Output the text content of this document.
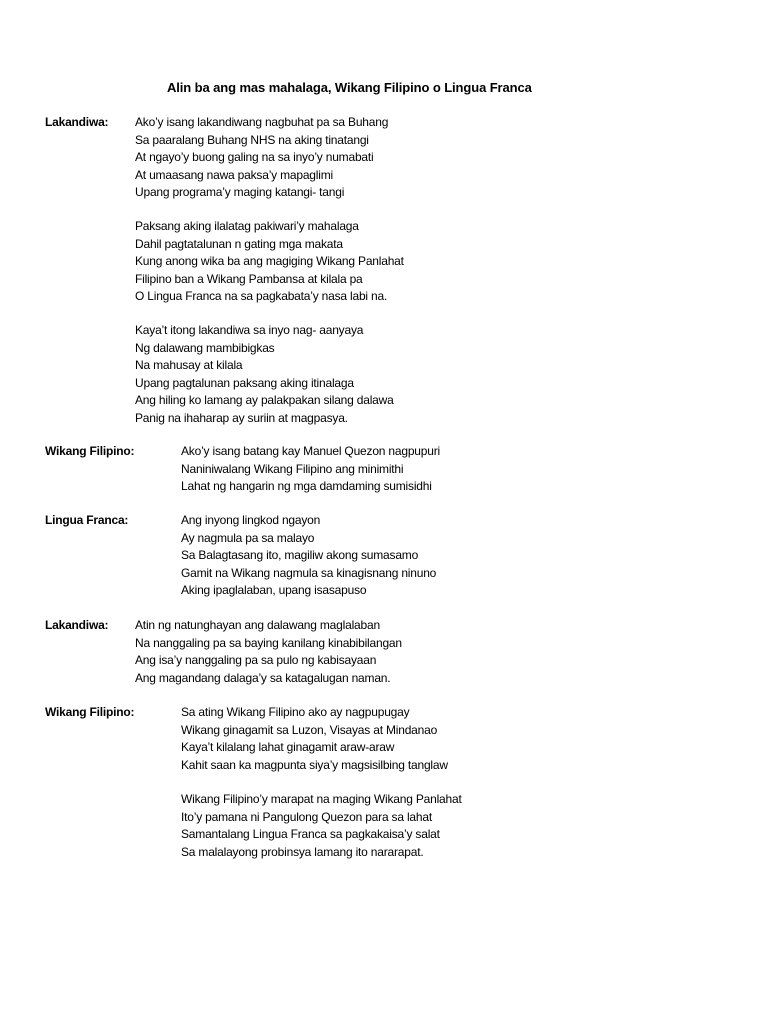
Alin ba ang mas mahalaga, Wikang Filipino o Lingua Franca
Lakandiwa: Ako’y isang lakandiwang nagbuhat pa sa Buhang
Sa paaralang Buhang NHS na aking tinatangi
At ngayo’y buong galing na sa inyo’y numabati
At umaasang nawa paksa’y mapaglimi
Upang programa’y maging katangi- tangi
Paksang aking ilalatag pakiwari’y mahalaga
Dahil pagtatalunan n gating mga makata
Kung anong wika ba ang magiging Wikang Panlahat
Filipino ban a Wikang Pambansa at kilala pa
O Lingua Franca na sa pagkabata’y nasa labi na.
Kaya’t itong lakandiwa sa inyo nag- aanyaya
Ng dalawang mambibigkas
Na mahusay at kilala
Upang pagtalunan paksang aking itinalaga
Ang hiling ko lamang ay palakpakan silang dalawa
Panig na ihaharap ay suriin at magpasya.
Wikang Filipino:	Ako’y isang batang kay Manuel Quezon nagpupuri
Naniniwalang Wikang Filipino ang minimithi
Lahat ng hangarin ng mga damdaming sumisidhi
Lingua Franca:	Ang inyong lingkod ngayon
Ay nagmula pa sa malayo
Sa Balagtasang ito, magiliw akong sumasamo
Gamit na Wikang nagmula sa kinagisnang ninuno
Aking ipaglalaban, upang isasapuso
Lakandiwa: Atin ng natunghayan ang dalawang maglalaban
Na nanggaling pa sa baying kanilang kinabibilangan
Ang isa’y nanggaling pa sa pulo ng kabisayaan
Ang magandang dalaga’y sa katagalugan naman.
Wikang Filipino:	Sa ating Wikang Filipino ako ay nagpupugay
Wikang ginagamit sa Luzon, Visayas at Mindanao
Kaya’t kilalang lahat ginagamit araw-araw
Kahit saan ka magpunta siya’y magsisilbing tanglaw
Wikang Filipino’y marapat na maging Wikang Panlahat
Ito’y pamana ni Pangulong Quezon para sa lahat
Samantalang Lingua Franca sa pagkakaisa’y salat
Sa malalayong probinsya lamang ito nararapat.
